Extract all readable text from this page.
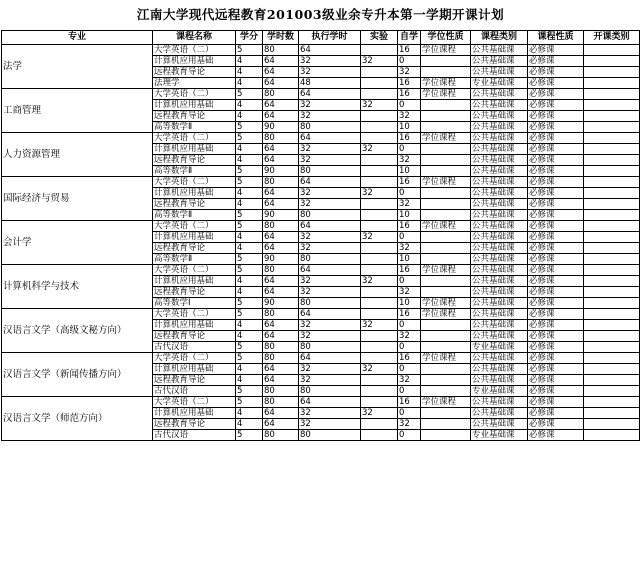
江南大学现代远程教育201003级业余专升本第一学期开课计划
专业	课程名称	学分	学时数	执行学时	实验	自学	学位性质	课程类别	课程性质	开课类别
法学	大学英语（二）	5	80	64		16	学位课程	公共基础课	必修课	
	计算机应用基础	4	64	32	32	0		公共基础课	必修课	
	远程教育导论	4	64	32		32		公共基础课	必修课	
	法理学	4	64	48		16	学位课程	专业基础课	必修课	
工商管理	大学英语（二）	5	80	64		16	学位课程	公共基础课	必修课	
	计算机应用基础	4	64	32	32	0		公共基础课	必修课	
	远程教育导论	4	64	32		32		公共基础课	必修课	
	高等数学Ⅱ	5	90	80		10		公共基础课	必修课	
人力资源管理	大学英语（二）	5	80	64		16	学位课程	公共基础课	必修课	
	计算机应用基础	4	64	32	32	0		公共基础课	必修课	
	远程教育导论	4	64	32		32		公共基础课	必修课	
	高等数学Ⅱ	5	90	80		10		公共基础课	必修课	
国际经济与贸易	大学英语（二）	5	80	64		16	学位课程	公共基础课	必修课	
	计算机应用基础	4	64	32	32	0		公共基础课	必修课	
	远程教育导论	4	64	32		32		公共基础课	必修课	
	高等数学Ⅱ	5	90	80		10		公共基础课	必修课	
会计学	大学英语（二）	5	80	64		16	学位课程	公共基础课	必修课	
	计算机应用基础	4	64	32	32	0		公共基础课	必修课	
	远程教育导论	4	64	32		32		公共基础课	必修课	
	高等数学Ⅱ	5	90	80		10		公共基础课	必修课	
计算机科学与技术	大学英语（二）	5	80	64		16	学位课程	公共基础课	必修课	
	计算机应用基础	4	64	32	32	0		公共基础课	必修课	
	远程教育导论	4	64	32		32		公共基础课	必修课	
	高等数学Ⅰ	5	90	80		10	学位课程	公共基础课	必修课	
汉语言文学（高级文秘方向）	大学英语（二）	5	80	64		16	学位课程	公共基础课	必修课	
	计算机应用基础	4	64	32	32	0		公共基础课	必修课	
	远程教育导论	4	64	32		32		公共基础课	必修课	
	古代汉语	5	80	80		0		专业基础课	必修课	
汉语言文学（新闻传播方向）	大学英语（二）	5	80	64		16	学位课程	公共基础课	必修课	
	计算机应用基础	4	64	32	32	0		公共基础课	必修课	
	远程教育导论	4	64	32		32		公共基础课	必修课	
	古代汉语	5	80	80		0		专业基础课	必修课	
汉语言文学（师范方向）	大学英语（二）	5	80	64		16	学位课程	公共基础课	必修课	
	计算机应用基础	4	64	32	32	0		公共基础课	必修课	
	远程教育导论	4	64	32		32		公共基础课	必修课	
	古代汉语	5	80	80		0		专业基础课	必修课	
